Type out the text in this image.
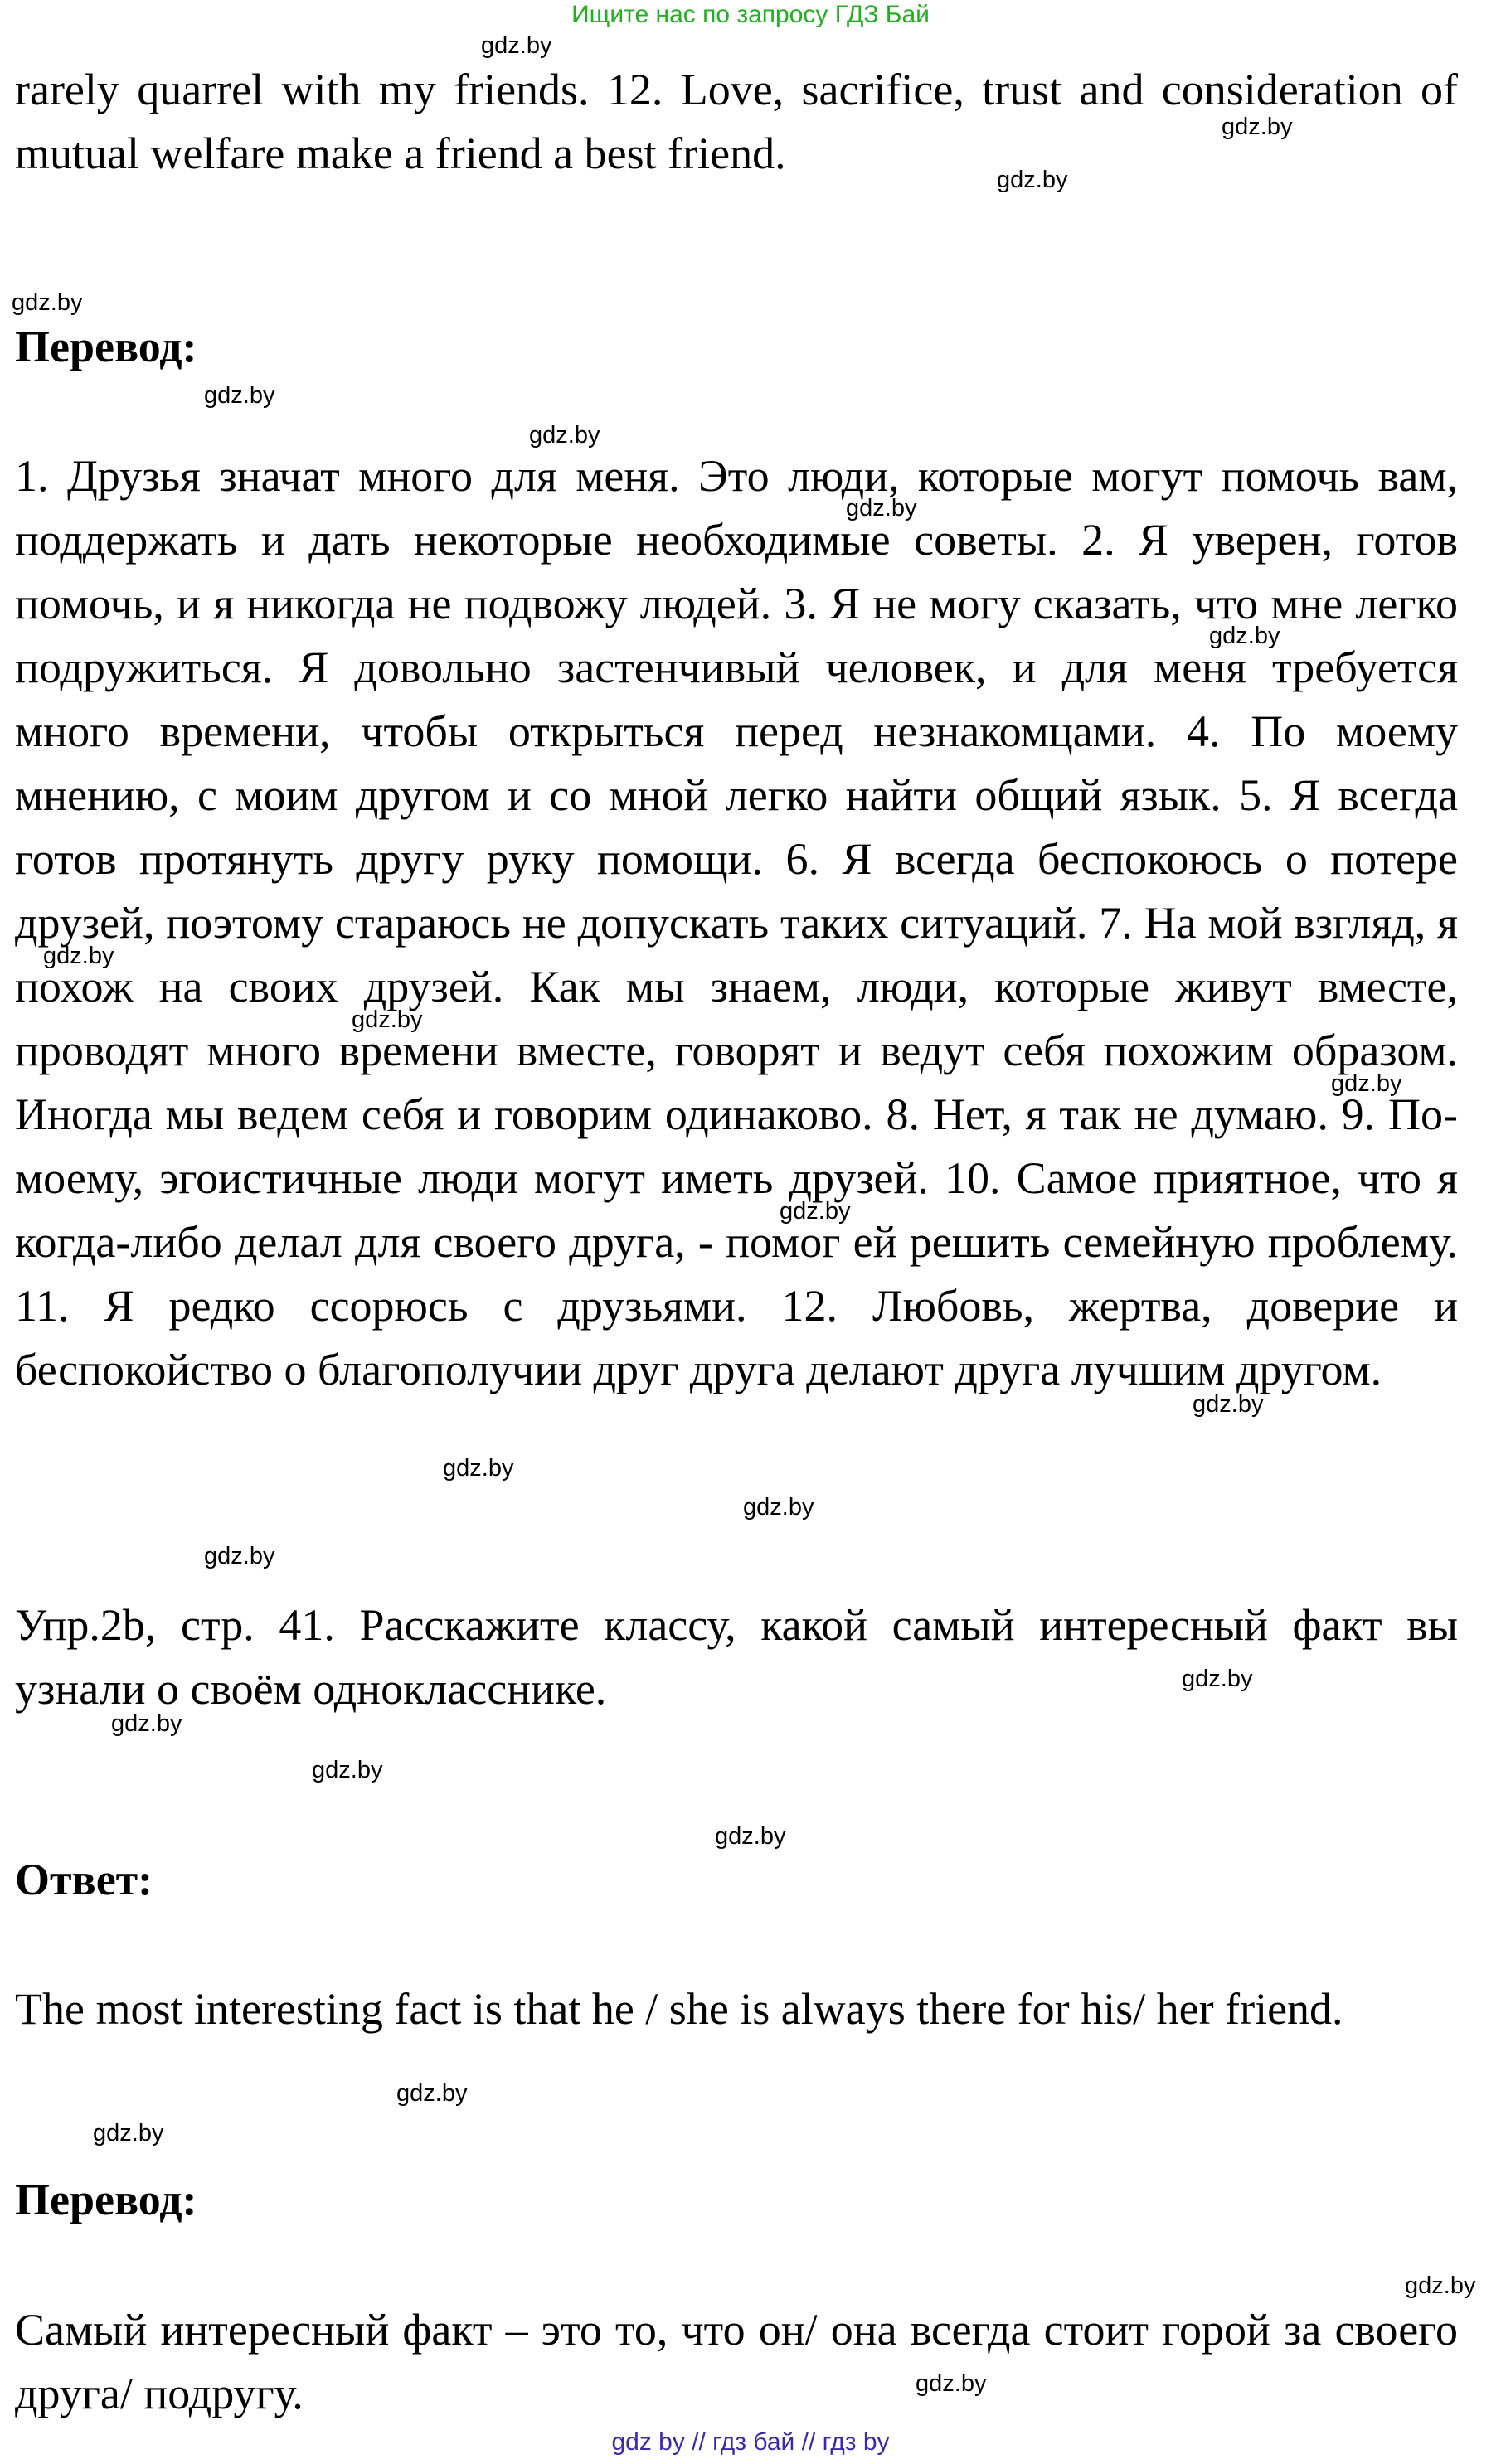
Ищите нас по запросу ГДЗ Бай
gdz.by
gdz.by
gdz.by
gdz.by
gdz.by
gdz.by
gdz.by
gdz.by
gdz.by
gdz.by
gdz.by
gdz.by
gdz.by
gdz.by
gdz.by
gdz.by
gdz.by
gdz.by
gdz.by
gdz.by
gdz.by
gdz.by
gdz.by
gdz.by

rarely quarrel with my friends. 12. Love, sacrifice, trust and consideration of mutual welfare make a friend a best friend.

Перевод:

1. Друзья значат много для меня. Это люди, которые могут помочь вам, поддержать и дать некоторые необходимые советы. 2. Я уверен, готов помочь, и я никогда не подвожу людей. 3. Я не могу сказать, что мне легко подружиться. Я довольно застенчивый человек, и для меня требуется много времени, чтобы открыться перед незнакомцами. 4. По моему мнению, с моим другом и со мной легко найти общий язык. 5. Я всегда готов протянуть другу руку помощи. 6. Я всегда беспокоюсь о потере друзей, поэтому стараюсь не допускать таких ситуаций. 7. На мой взгляд, я похож на своих друзей. Как мы знаем, люди, которые живут вместе, проводят много времени вместе, говорят и ведут себя похожим образом. Иногда мы ведем себя и говорим одинаково. 8. Нет, я так не думаю. 9. По-моему, эгоистичные люди могут иметь друзей. 10. Самое приятное, что я когда-либо делал для своего друга, - помог ей решить семейную проблему. 11. Я редко ссорюсь с друзьями. 12. Любовь, жертва, доверие и беспокойство о благополучии друг друга делают друга лучшим другом.

Упр.2b, стр. 41. Расскажите классу, какой самый интересный факт вы узнали о своём однокласснике.

Ответ:

The most interesting fact is that he / she is always there for his/ her friend.

Перевод:

Самый интересный факт – это то, что он/ она всегда стоит горой за своего друга/ подругу.

gdz by // гдз бай // гдз by
